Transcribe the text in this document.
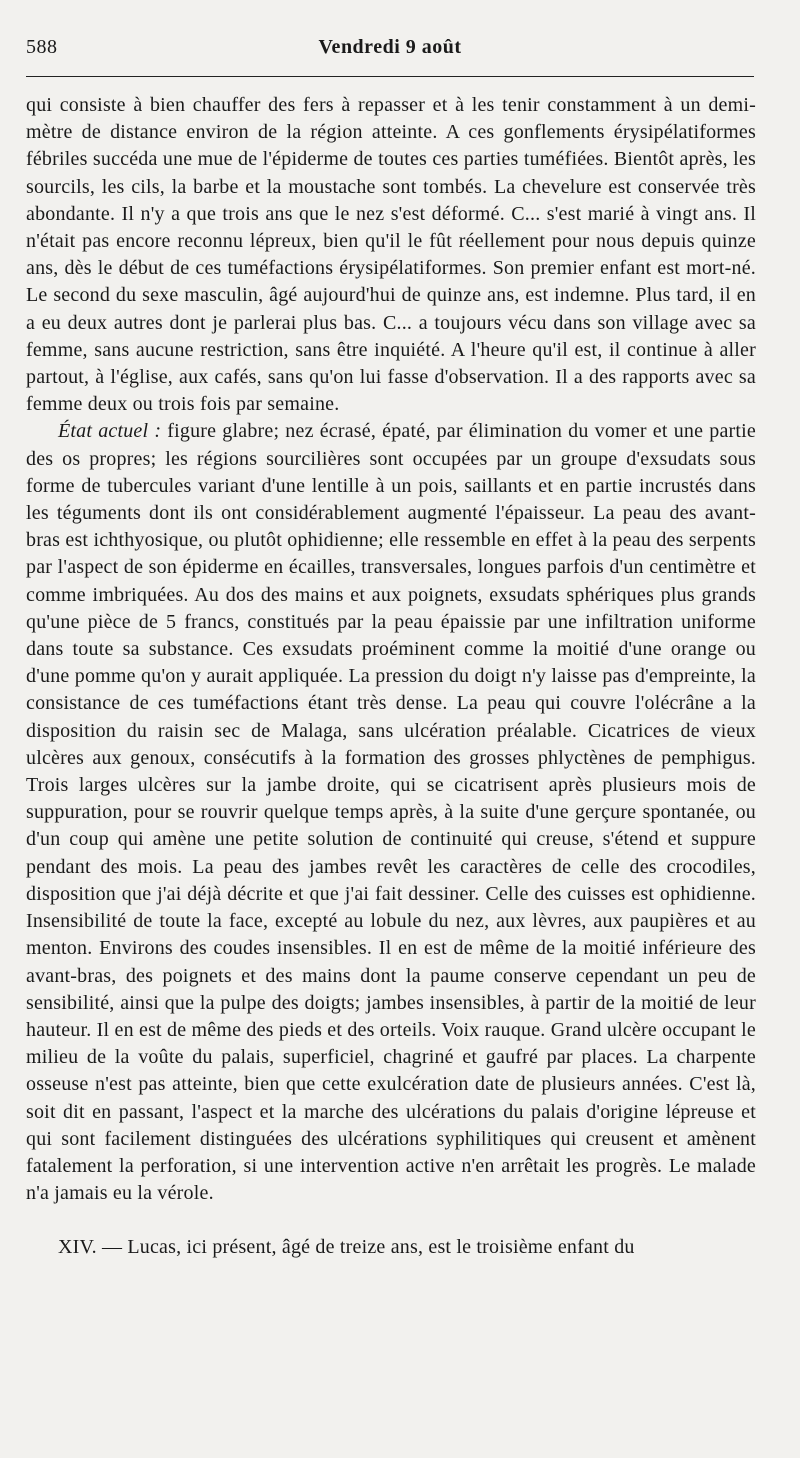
588	Vendredi 9 août

qui consiste à bien chauffer des fers à repasser et à les tenir constamment à un demi-mètre de distance environ de la région atteinte. A ces gonflements érysipélatiformes fébriles succéda une mue de l'épiderme de toutes ces parties tuméfiées. Bientôt après, les sourcils, les cils, la barbe et la moustache sont tombés. La chevelure est conservée très abondante. Il n'y a que trois ans que le nez s'est déformé. C... s'est marié à vingt ans. Il n'était pas encore reconnu lépreux, bien qu'il le fût réellement pour nous depuis quinze ans, dès le début de ces tuméfactions érysipélatiformes. Son premier enfant est mort-né. Le second du sexe masculin, âgé aujourd'hui de quinze ans, est indemne. Plus tard, il en a eu deux autres dont je parlerai plus bas. C... a toujours vécu dans son village avec sa femme, sans aucune restriction, sans être inquiété. A l'heure qu'il est, il continue à aller partout, à l'église, aux cafés, sans qu'on lui fasse d'observation. Il a des rapports avec sa femme deux ou trois fois par semaine.

État actuel : figure glabre; nez écrasé, épaté, par élimination du vomer et une partie des os propres; les régions sourcilières sont occupées par un groupe d'exsudats sous forme de tubercules variant d'une lentille à un pois, saillants et en partie incrustés dans les téguments dont ils ont considérablement augmenté l'épaisseur. La peau des avant-bras est ichthyosique, ou plutôt ophidienne; elle ressemble en effet à la peau des serpents par l'aspect de son épiderme en écailles, transversales, longues parfois d'un centimètre et comme imbriquées. Au dos des mains et aux poignets, exsudats sphériques plus grands qu'une pièce de 5 francs, constitués par la peau épaissie par une infiltration uniforme dans toute sa substance. Ces exsudats proéminent comme la moitié d'une orange ou d'une pomme qu'on y aurait appliquée. La pression du doigt n'y laisse pas d'empreinte, la consistance de ces tuméfactions étant très dense. La peau qui couvre l'olécrâne a la disposition du raisin sec de Malaga, sans ulcération préalable. Cicatrices de vieux ulcères aux genoux, consécutifs à la formation des grosses phlyctènes de pemphigus. Trois larges ulcères sur la jambe droite, qui se cicatrisent après plusieurs mois de suppuration, pour se rouvrir quelque temps après, à la suite d'une gerçure spontanée, ou d'un coup qui amène une petite solution de continuité qui creuse, s'étend et suppure pendant des mois. La peau des jambes revêt les caractères de celle des crocodiles, disposition que j'ai déjà décrite et que j'ai fait dessiner. Celle des cuisses est ophidienne. Insensibilité de toute la face, excepté au lobule du nez, aux lèvres, aux paupières et au menton. Environs des coudes insensibles. Il en est de même de la moitié inférieure des avant-bras, des poignets et des mains dont la paume conserve cependant un peu de sensibilité, ainsi que la pulpe des doigts; jambes insensibles, à partir de la moitié de leur hauteur. Il en est de même des pieds et des orteils. Voix rauque. Grand ulcère occupant le milieu de la voûte du palais, superficiel, chagriné et gaufré par places. La charpente osseuse n'est pas atteinte, bien que cette exulcération date de plusieurs années. C'est là, soit dit en passant, l'aspect et la marche des ulcérations du palais d'origine lépreuse et qui sont facilement distinguées des ulcérations syphilitiques qui creusent et amènent fatalement la perforation, si une intervention active n'en arrêtait les progrès. Le malade n'a jamais eu la vérole.

XIV. — Lucas, ici présent, âgé de treize ans, est le troisième enfant du
